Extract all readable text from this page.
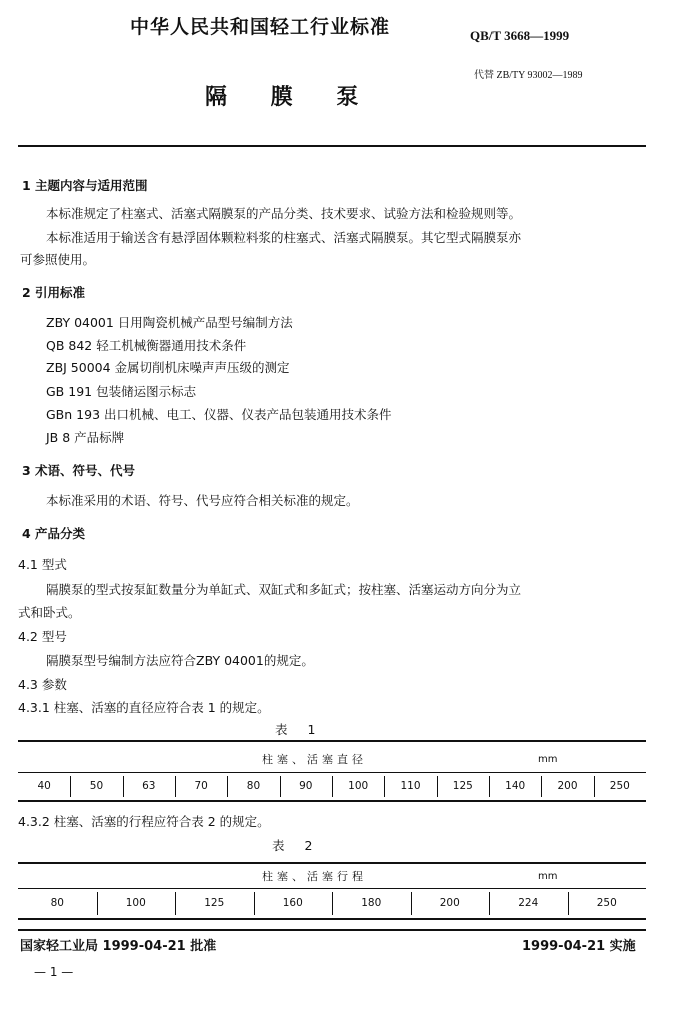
中华人民共和国轻工行业标准	QB/T 3668—1999
代替 ZB/TY 93002—1989
隔 膜 泵
1 主题内容与适用范围
本标准规定了柱塞式、活塞式隔膜泵的产品分类、技术要求、试验方法和检验规则等。
本标准适用于输送含有悬浮固体颗粒料浆的柱塞式、活塞式隔膜泵。其它型式隔膜泵亦
可参照使用。
2 引用标准
ZBY 04001 日用陶瓷机械产品型号编制方法
QB 842 轻工机械衡器通用技术条件
ZBJ 50004 金属切削机床噪声声压级的测定
GB 191 包装储运图示标志
GBn 193 出口机械、电工、仪器、仪表产品包装通用技术条件
JB 8 产品标牌
3 术语、符号、代号
本标准采用的术语、符号、代号应符合相关标准的规定。
4 产品分类
4.1 型式
隔膜泵的型式按泵缸数量分为单缸式、双缸式和多缸式；按柱塞、活塞运动方向分为立
式和卧式。
4.2 型号
隔膜泵型号编制方法应符合ZBY 04001的规定。
4.3 参数
4.3.1 柱塞、活塞的直径应符合表 1 的规定。
表 1
柱塞、活塞直径	mm
40	50	63	70	80	90	100	110	125	140	200	250
4.3.2 柱塞、活塞的行程应符合表 2 的规定。
表 2
柱塞、活塞行程	mm
80	100	125	160	180	200	224	250
国家轻工业局 1999-04-21 批准	1999-04-21 实施
— 1 —
